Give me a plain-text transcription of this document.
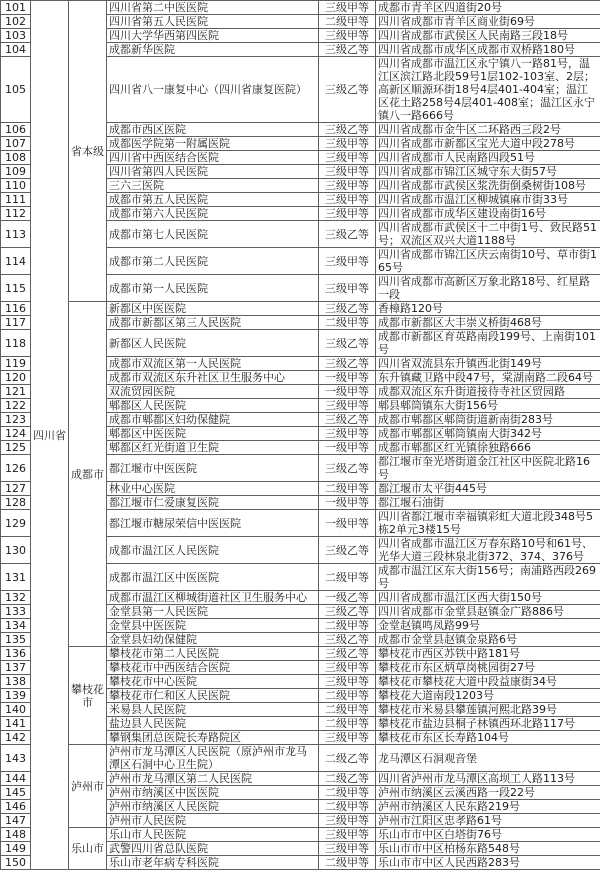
101	四川省	省本级	四川省第二中医医院	三级甲等	成都市青羊区四道街20号
102			四川省第五人民医院	二级甲等	四川省成都市青羊区商业街69号
103			四川大学华西第四医院	三级甲等	四川省成都市武侯区人民南路三段18号
104			成都新华医院	三级乙等	四川省成都市成华区成都市双桥路180号
105			四川省八一康复中心（四川省康复医院）	三级乙等	四川省成都市温江区永宁镇八一路81号，温江区滨江路北段59号1层102-103室、2层；高新区顺源环街18号4层401-404室；温江区花土路258号4层401-408室；温江区永宁镇八一路666号
106			成都市西区医院	三级乙等	四川省成都市金牛区二环路西三段2号
107			成都医学院第一附属医院	三级甲等	四川省成都市新都区宝光大道中段278号
108			四川省中西医结合医院	三级甲等	四川省成都市人民南路四段51号
109			四川省第四人民医院	三级甲等	四川省成都市锦江区城守东大街57号
110			三六三医院	三级甲等	四川省成都市武侯区浆洗街倒桑树街108号
111			成都市第五人民医院	三级甲等	四川省成都市温江区柳城镇麻市街33号
112			成都市第六人民医院	三级甲等	四川省成都市成华区建设南街16号
113			成都市第七人民医院	三级乙等	四川省成都市武侯区十二中街1号、致民路51号；双流区双兴大道1188号
114			成都市第二人民医院	三级甲等	四川省成都市锦江区庆云南街10号、草市街165号
115			成都市第一人民医院	三级甲等	四川省成都市高新区万象北路18号、红星路一段
116		成都市	新都区中医医院	三级乙等	香樟路120号
117			成都市新都区第三人民医院	二级甲等	成都市新都区大丰崇义桥街468号
118			新都区人民医院	三级乙等	成都市新都区育英路南段199号、上南街101号
119			成都市双流区第一人民医院	三级乙等	四川省双流县东升镇西北街149号
120			成都市双流区东升社区卫生服务中心	一级甲等	东升镇藏卫路中段47号，棠湖南路二段64号
121			双流贸园医院	一级甲等	成都双流区东升街道接待寺社区贸园路
122			郫都区人民医院	三级甲等	郫县郫筒镇东大街156号
123			成都市郫都区妇幼保健院	三级乙等	成都市郫都区郫筒街道新南街283号
124			郫都区中医医院	三级甲等	成都市郫都区郫筒镇南大街342号
125			郫都区红光街道卫生院	一级甲等	成都市郫都区红光镇徐独路666
126			都江堰市中医医院	三级乙等	都江堰市奎光塔街道金江社区中医院北路16号
127			林业中心医院	二级甲等	都江堰市太平街445号
128			都江堰市仁爱康复医院	一级甲等	都江堰石油街
129			都江堰市糖尿荣信中医医院	一级甲等	四川省都江堰市幸福镇彩虹大道北段348号5栋2单元3楼15号
130			成都市温江区人民医院	三级乙等	四川省成都市温江区万春东路10号和61号、光华大道三段林泉北街372、374、376号
131			成都市温江区中医医院	二级甲等	成都市温江区东大街156号；南浦路西段269号
132			成都市温江区柳城街道社区卫生服务中心	一级乙等	四川省成都市温江区西大街150号
133			金堂县第一人民医院	三级乙等	四川省成都市金堂县赵镇金广路886号
134			金堂县中医医院	二级甲等	金堂赵镇鸣凤路99号
135			金堂县妇幼保健院	三级乙等	成都市金堂县赵镇金泉路6号
136		攀枝花市	攀枝花市第二人民医院	三级乙等	攀枝花市西区苏铁中路181号
137			攀枝花市中西医结合医院	三级甲等	攀枝花市东区炳草岗桃园街27号
138			攀枝花市中心医院	三级甲等	攀枝花市攀枝花大道中段益康街34号
139			攀枝花市仁和区人民医院	二级甲等	攀枝花大道南段1203号
140			米易县人民医院	二级甲等	攀枝花市米易县攀莲镇河熙北路39号
141			盐边县人民医院	二级甲等	攀枝花市盐边县桐子林镇西环北路117号
142			攀钢集团总医院长寿路院区	三级甲等	攀枝花市东区长寿路104号
143		泸州市	泸州市龙马潭区人民医院（原泸州市龙马潭区石洞中心卫生院）	二级乙等	龙马潭区石洞观音堡
144			泸州市龙马潭区第二人民医院	二级乙等	四川省泸州市龙马潭区高坝工人路113号
145			泸州市纳溪区中医医院	二级甲等	泸州市纳溪区云溪西路一段22号
146			泸州市纳溪区人民医院	二级甲等	泸州市纳溪区人民东路219号
147			泸州市人民医院	三级甲等	泸州市江阳区忠孝路61号
148		乐山市	乐山市人民医院	三级甲等	乐山市市中区白塔街76号
149			武警四川省总队医院	三级甲等	乐山市市中区柏杨东路548号
150			乐山市老年病专科医院	二级甲等	乐山市市中区人民西路283号
